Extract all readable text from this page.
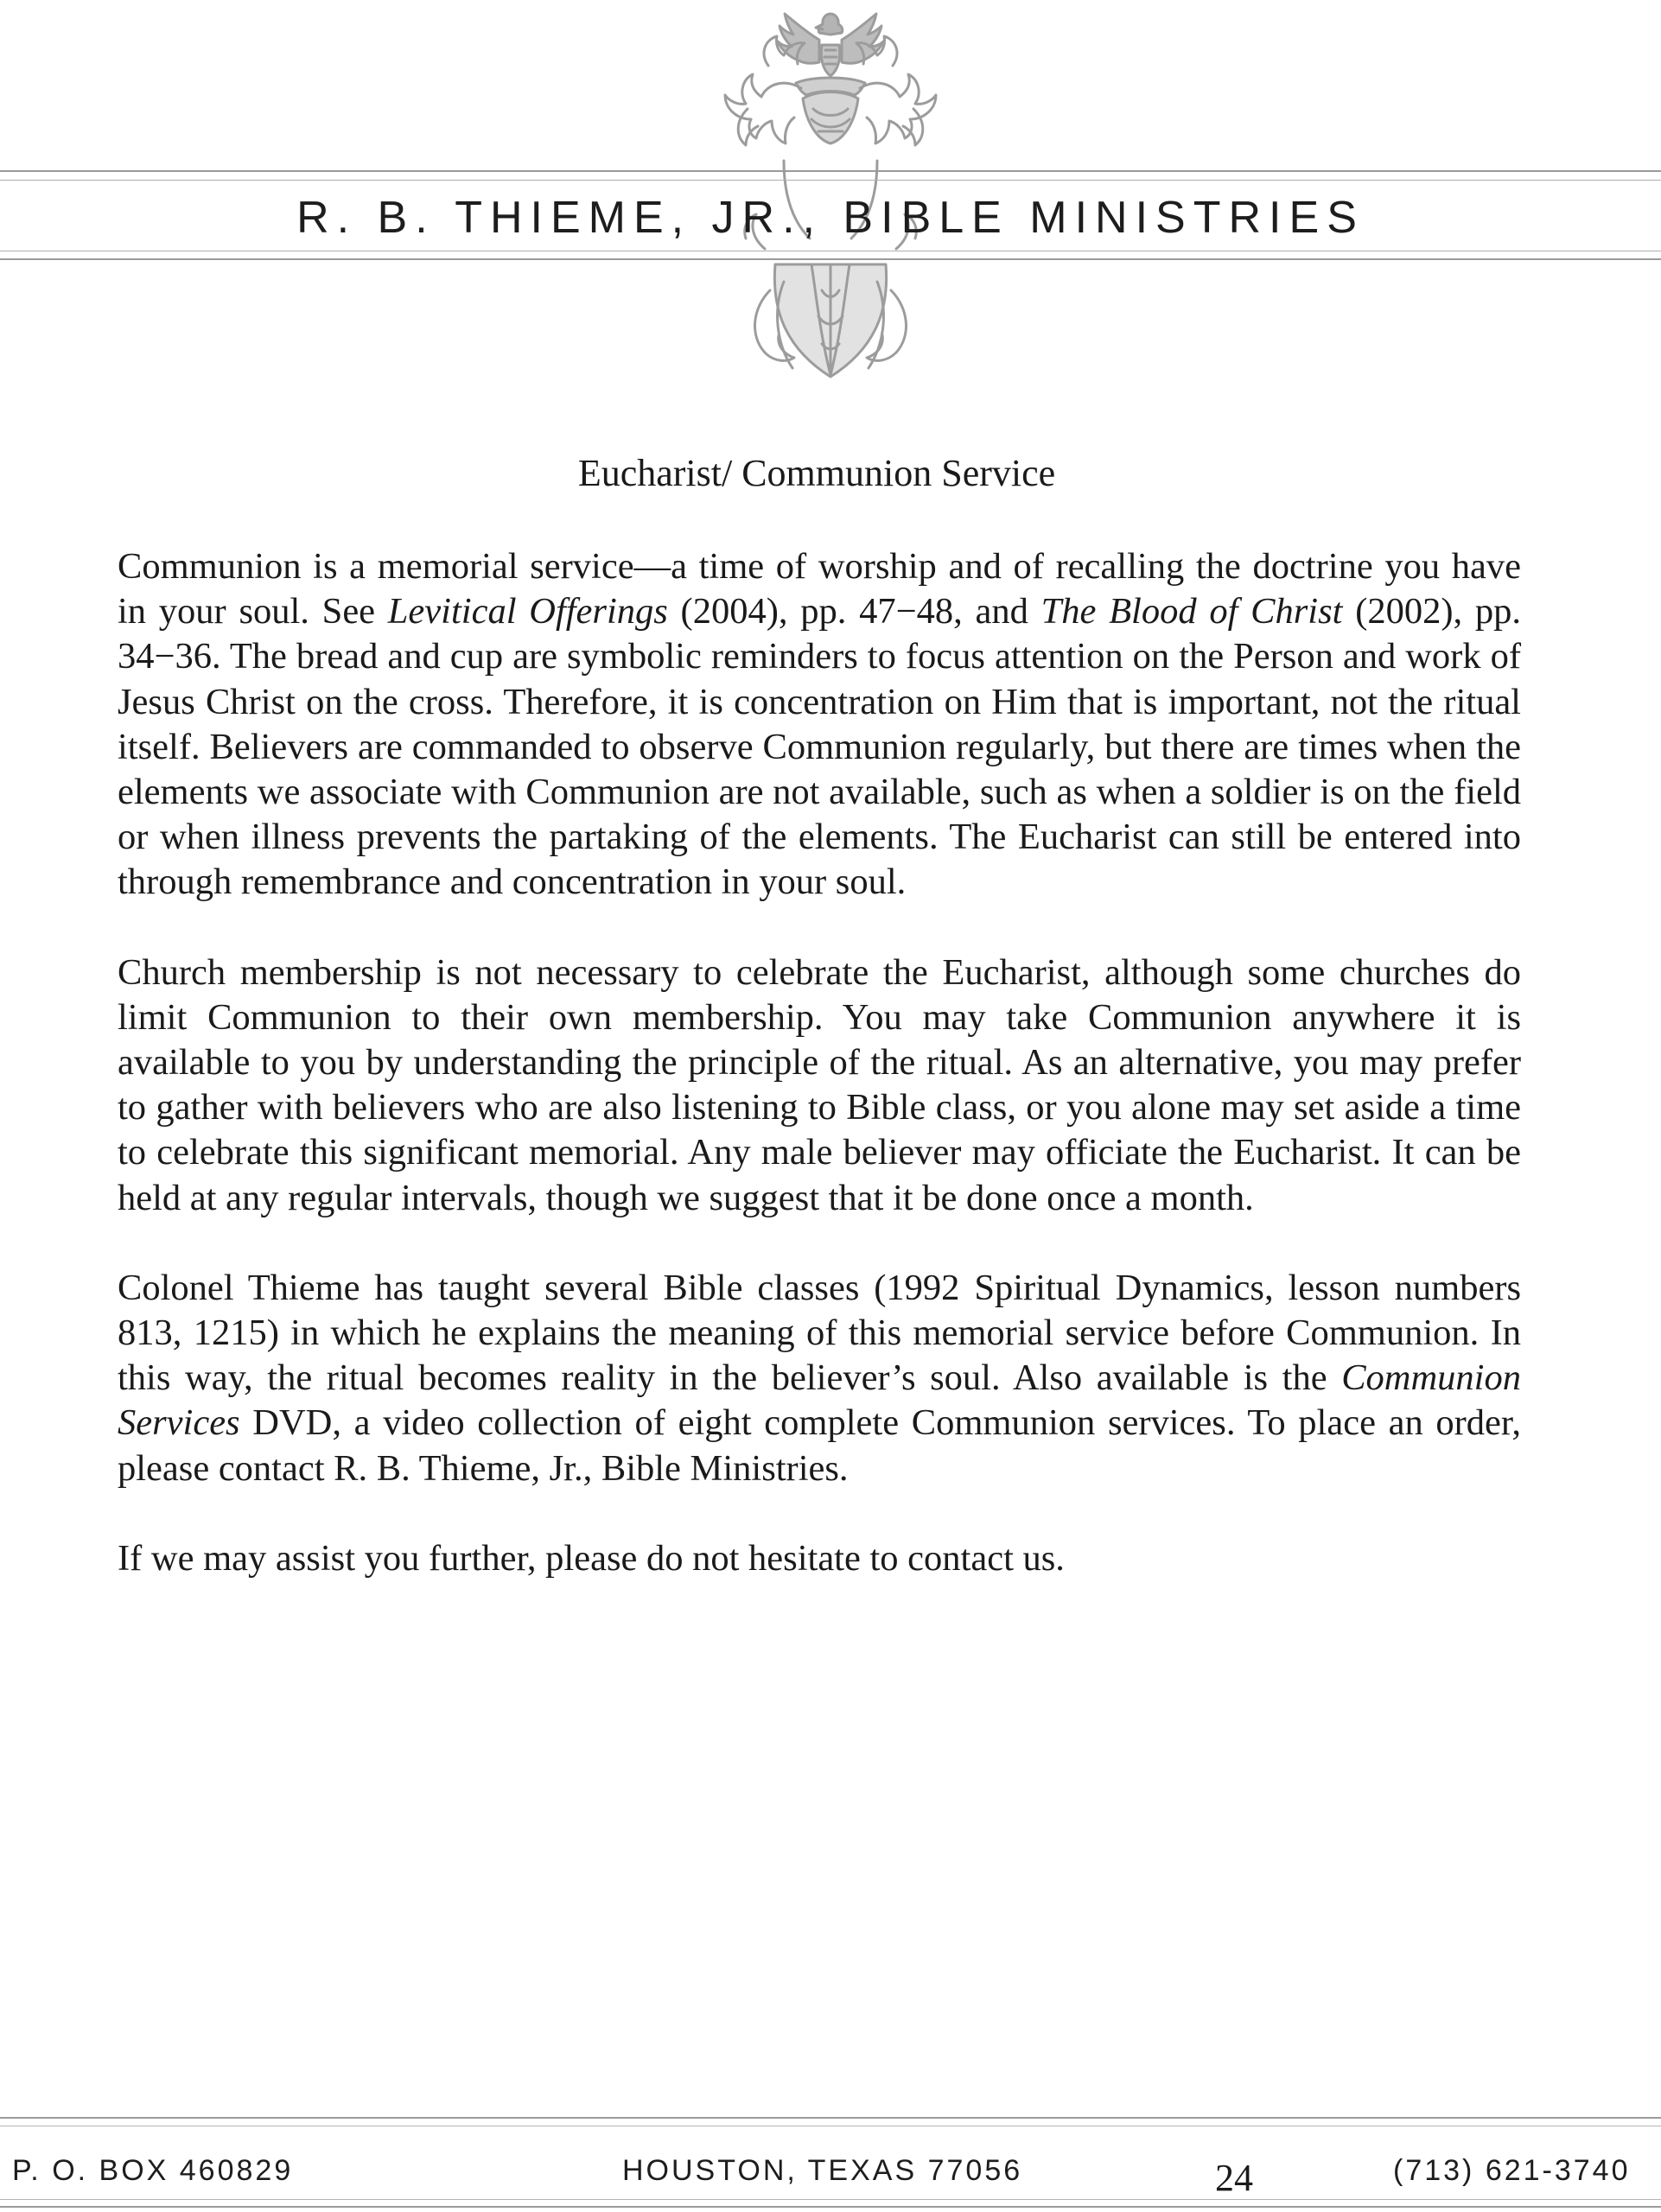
R. B. THIEME, JR., BIBLE MINISTRIES
Eucharist/ Communion Service

Communion is a memorial service—a time of worship and of recalling the doctrine you have in your soul. See Levitical Offerings (2004), pp. 47−48, and The Blood of Christ (2002), pp. 34−36. The bread and cup are symbolic reminders to focus attention on the Person and work of Jesus Christ on the cross. Therefore, it is concentration on Him that is important, not the ritual itself. Believers are commanded to observe Communion regularly, but there are times when the elements we associate with Communion are not available, such as when a soldier is on the field or when illness prevents the partaking of the elements. The Eucharist can still be entered into through remembrance and concentration in your soul.

Church membership is not necessary to celebrate the Eucharist, although some churches do limit Communion to their own membership. You may take Communion anywhere it is available to you by understanding the principle of the ritual. As an alternative, you may prefer to gather with believers who are also listening to Bible class, or you alone may set aside a time to celebrate this significant memorial. Any male believer may officiate the Eucharist. It can be held at any regular intervals, though we suggest that it be done once a month.

Colonel Thieme has taught several Bible classes (1992 Spiritual Dynamics, lesson numbers 813, 1215) in which he explains the meaning of this memorial service before Communion. In this way, the ritual becomes reality in the believer’s soul. Also available is the Communion Services DVD, a video collection of eight complete Communion services. To place an order, please contact R. B. Thieme, Jr., Bible Ministries.

If we may assist you further, please do not hesitate to contact us.

P. O. BOX 460829	HOUSTON, TEXAS 77056	24	(713) 621-3740
